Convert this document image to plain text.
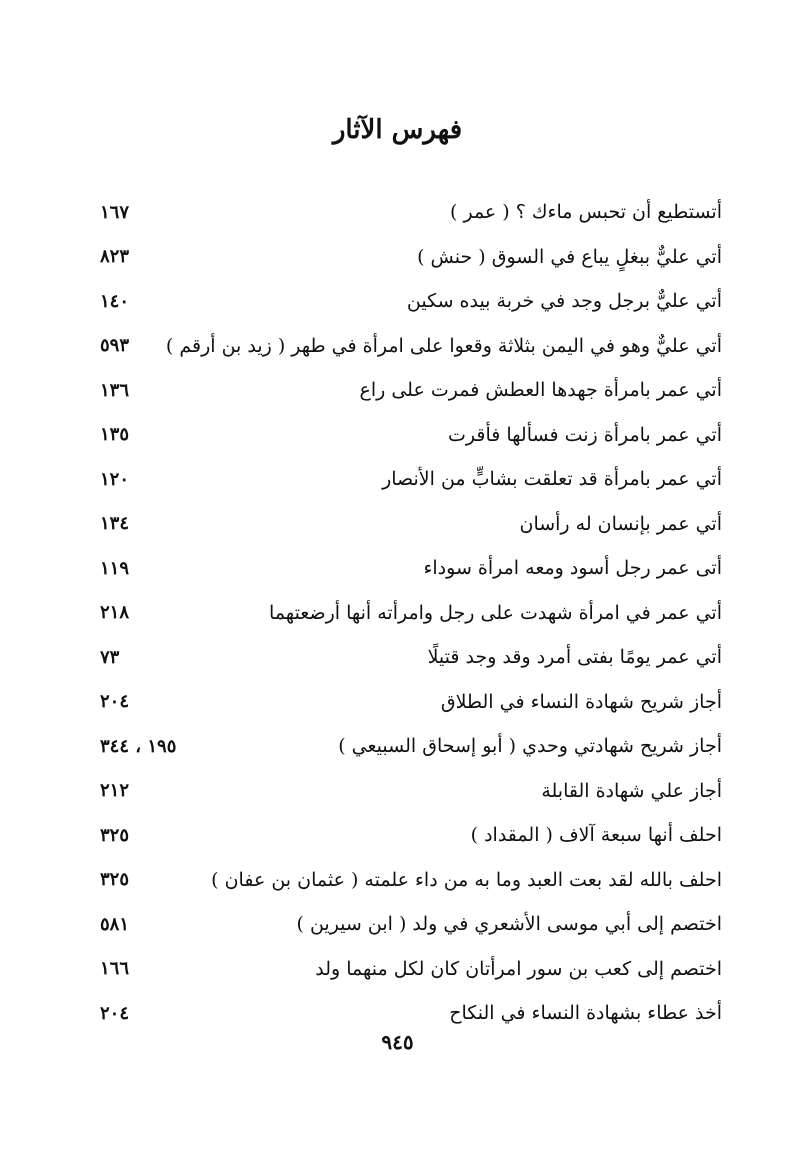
فهرس الآثار
أتستطيع أن تحبس ماءك ؟ ( عمر )
١٦٧
أتي عليٌّ ببغلٍ يباع في السوق ( حنش )
٨٢٣
أتي عليٌّ برجل وجد في خربة بيده سكين
١٤٠
أتي عليٌّ وهو في اليمن بثلاثة وقعوا على امرأة في طهر ( زيد بن أرقم )
٥٩٣
أتي عمر بامرأة جهدها العطش فمرت على راع
١٣٦
أتي عمر بامرأة زنت فسألها فأقرت
١٣٥
أتي عمر بامرأة قد تعلقت بشابٍّ من الأنصار
١٢٠
أتي عمر بإنسان له رأسان
١٣٤
أتى عمر رجل أسود ومعه امرأة سوداء
١١٩
أتي عمر في امرأة شهدت على رجل وامرأته أنها أرضعتهما
٢١٨
أتي عمر يومًا بفتى أمرد وقد وجد قتيلًا
٧٣
أجاز شريح شهادة النساء في الطلاق
٢٠٤
أجاز شريح شهادتي وحدي ( أبو إسحاق السبيعي )
١٩٥ ، ٣٤٤
أجاز علي شهادة القابلة
٢١٢
احلف أنها سبعة آلاف ( المقداد )
٣٢٥
احلف بالله لقد بعت العبد وما به من داء علمته ( عثمان بن عفان )
٣٢٥
اختصم إلى أبي موسى الأشعري في ولد ( ابن سيرين )
٥٨١
اختصم إلى كعب بن سور امرأتان كان لكل منهما ولد
١٦٦
أخذ عطاء بشهادة النساء في النكاح
٢٠٤
٩٤٥
